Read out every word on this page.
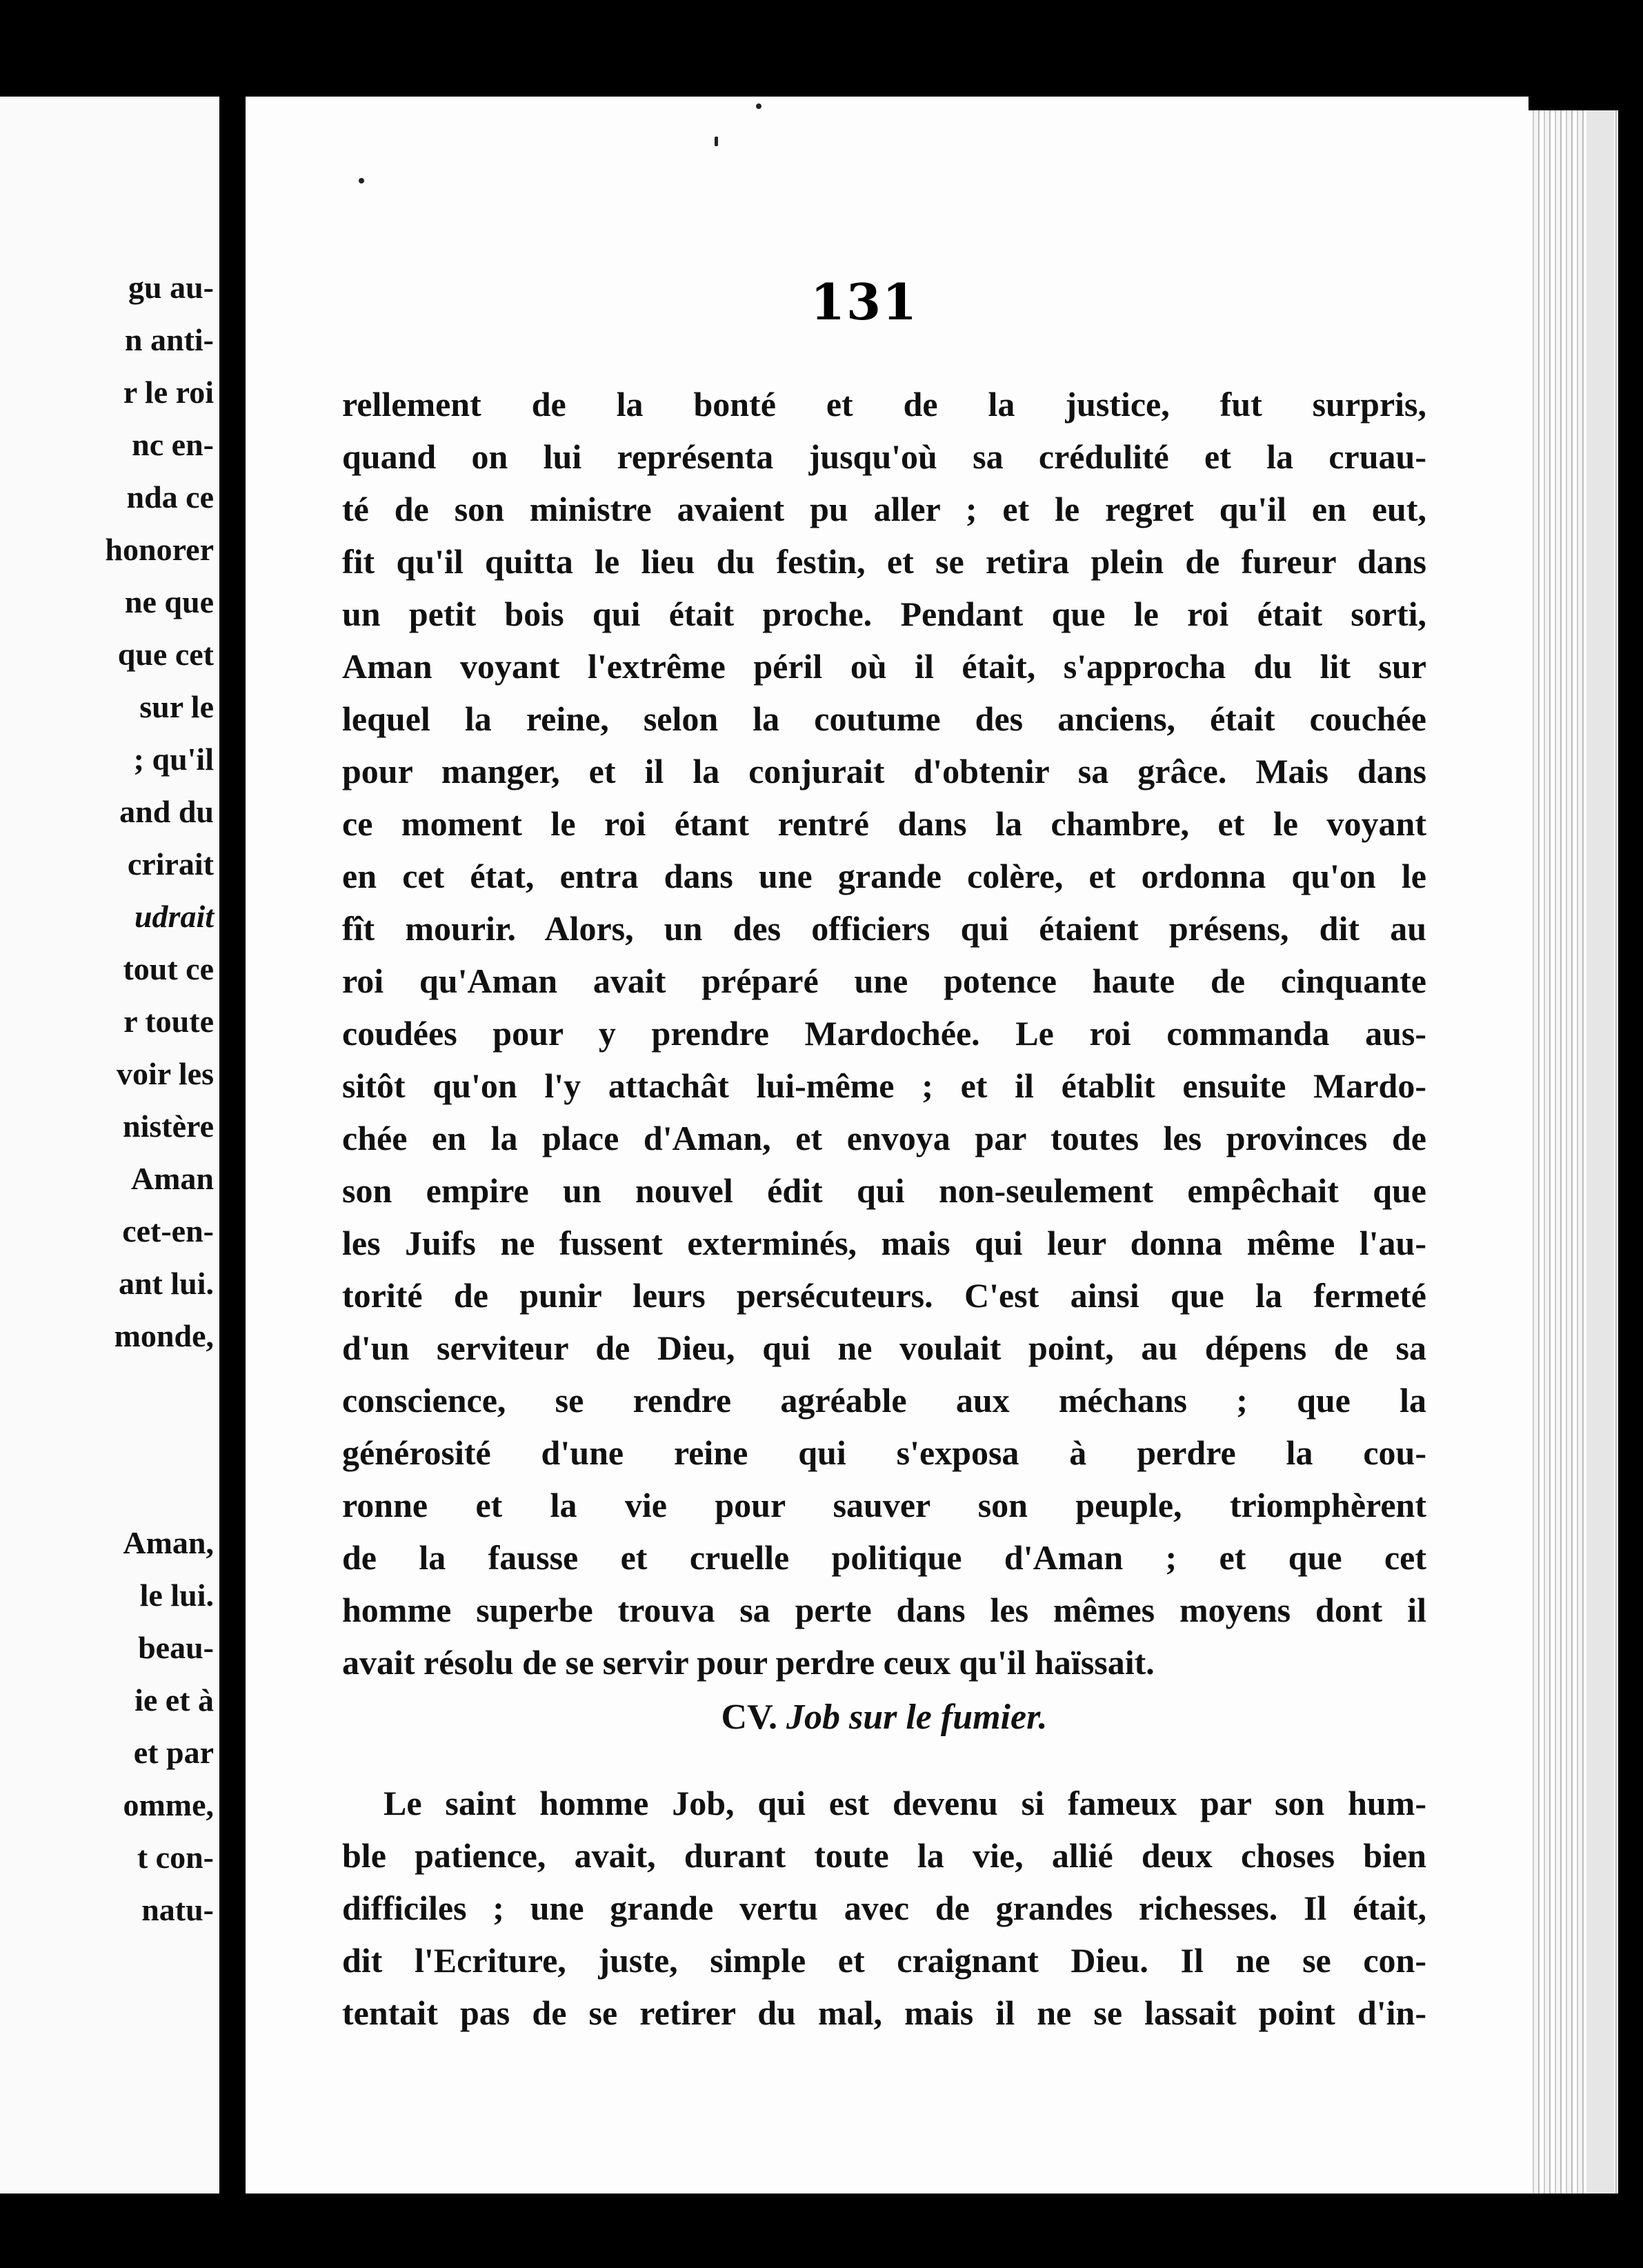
gu au-
n anti-
r le roi
nc en-
nda ce
honorer
ne que
que cet
sur le
; qu'il
and du
crirait
udrait
tout ce
r toute
voir les
nistère
Aman
cet-en-
ant lui.
monde,
Aman,
le lui.
beau-
ie et à
et par
omme,
t con-
natu-
131
rellement de la bonté et de la justice, fut surpris,
quand on lui représenta jusqu'où sa crédulité et la cruau-
té de son ministre avaient pu aller ; et le regret qu'il en eut,
fit qu'il quitta le lieu du festin, et se retira plein de fureur dans
un petit bois qui était proche. Pendant que le roi était sorti,
Aman voyant l'extrême péril où il était, s'approcha du lit sur
lequel la reine, selon la coutume des anciens, était couchée
pour manger, et il la conjurait d'obtenir sa grâce. Mais dans
ce moment le roi étant rentré dans la chambre, et le voyant
en cet état, entra dans une grande colère, et ordonna qu'on le
fît mourir. Alors, un des officiers qui étaient présens, dit au
roi qu'Aman avait préparé une potence haute de cinquante
coudées pour y prendre Mardochée. Le roi commanda aus-
sitôt qu'on l'y attachât lui-même ; et il établit ensuite Mardo-
chée en la place d'Aman, et envoya par toutes les provinces de
son empire un nouvel édit qui non-seulement empêchait que
les Juifs ne fussent exterminés, mais qui leur donna même l'au-
torité de punir leurs persécuteurs. C'est ainsi que la fermeté
d'un serviteur de Dieu, qui ne voulait point, au dépens de sa
conscience, se rendre agréable aux méchans ; que la
générosité d'une reine qui s'exposa à perdre la cou-
ronne et la vie pour sauver son peuple, triomphèrent
de la fausse et cruelle politique d'Aman ; et que cet
homme superbe trouva sa perte dans les mêmes moyens dont il
avait résolu de se servir pour perdre ceux qu'il haïssait.
CV. Job sur le fumier.
Le saint homme Job, qui est devenu si fameux par son hum-
ble patience, avait, durant toute la vie, allié deux choses bien
difficiles ; une grande vertu avec de grandes richesses. Il était,
dit l'Ecriture, juste, simple et craignant Dieu. Il ne se con-
tentait pas de se retirer du mal, mais il ne se lassait point d'in-
